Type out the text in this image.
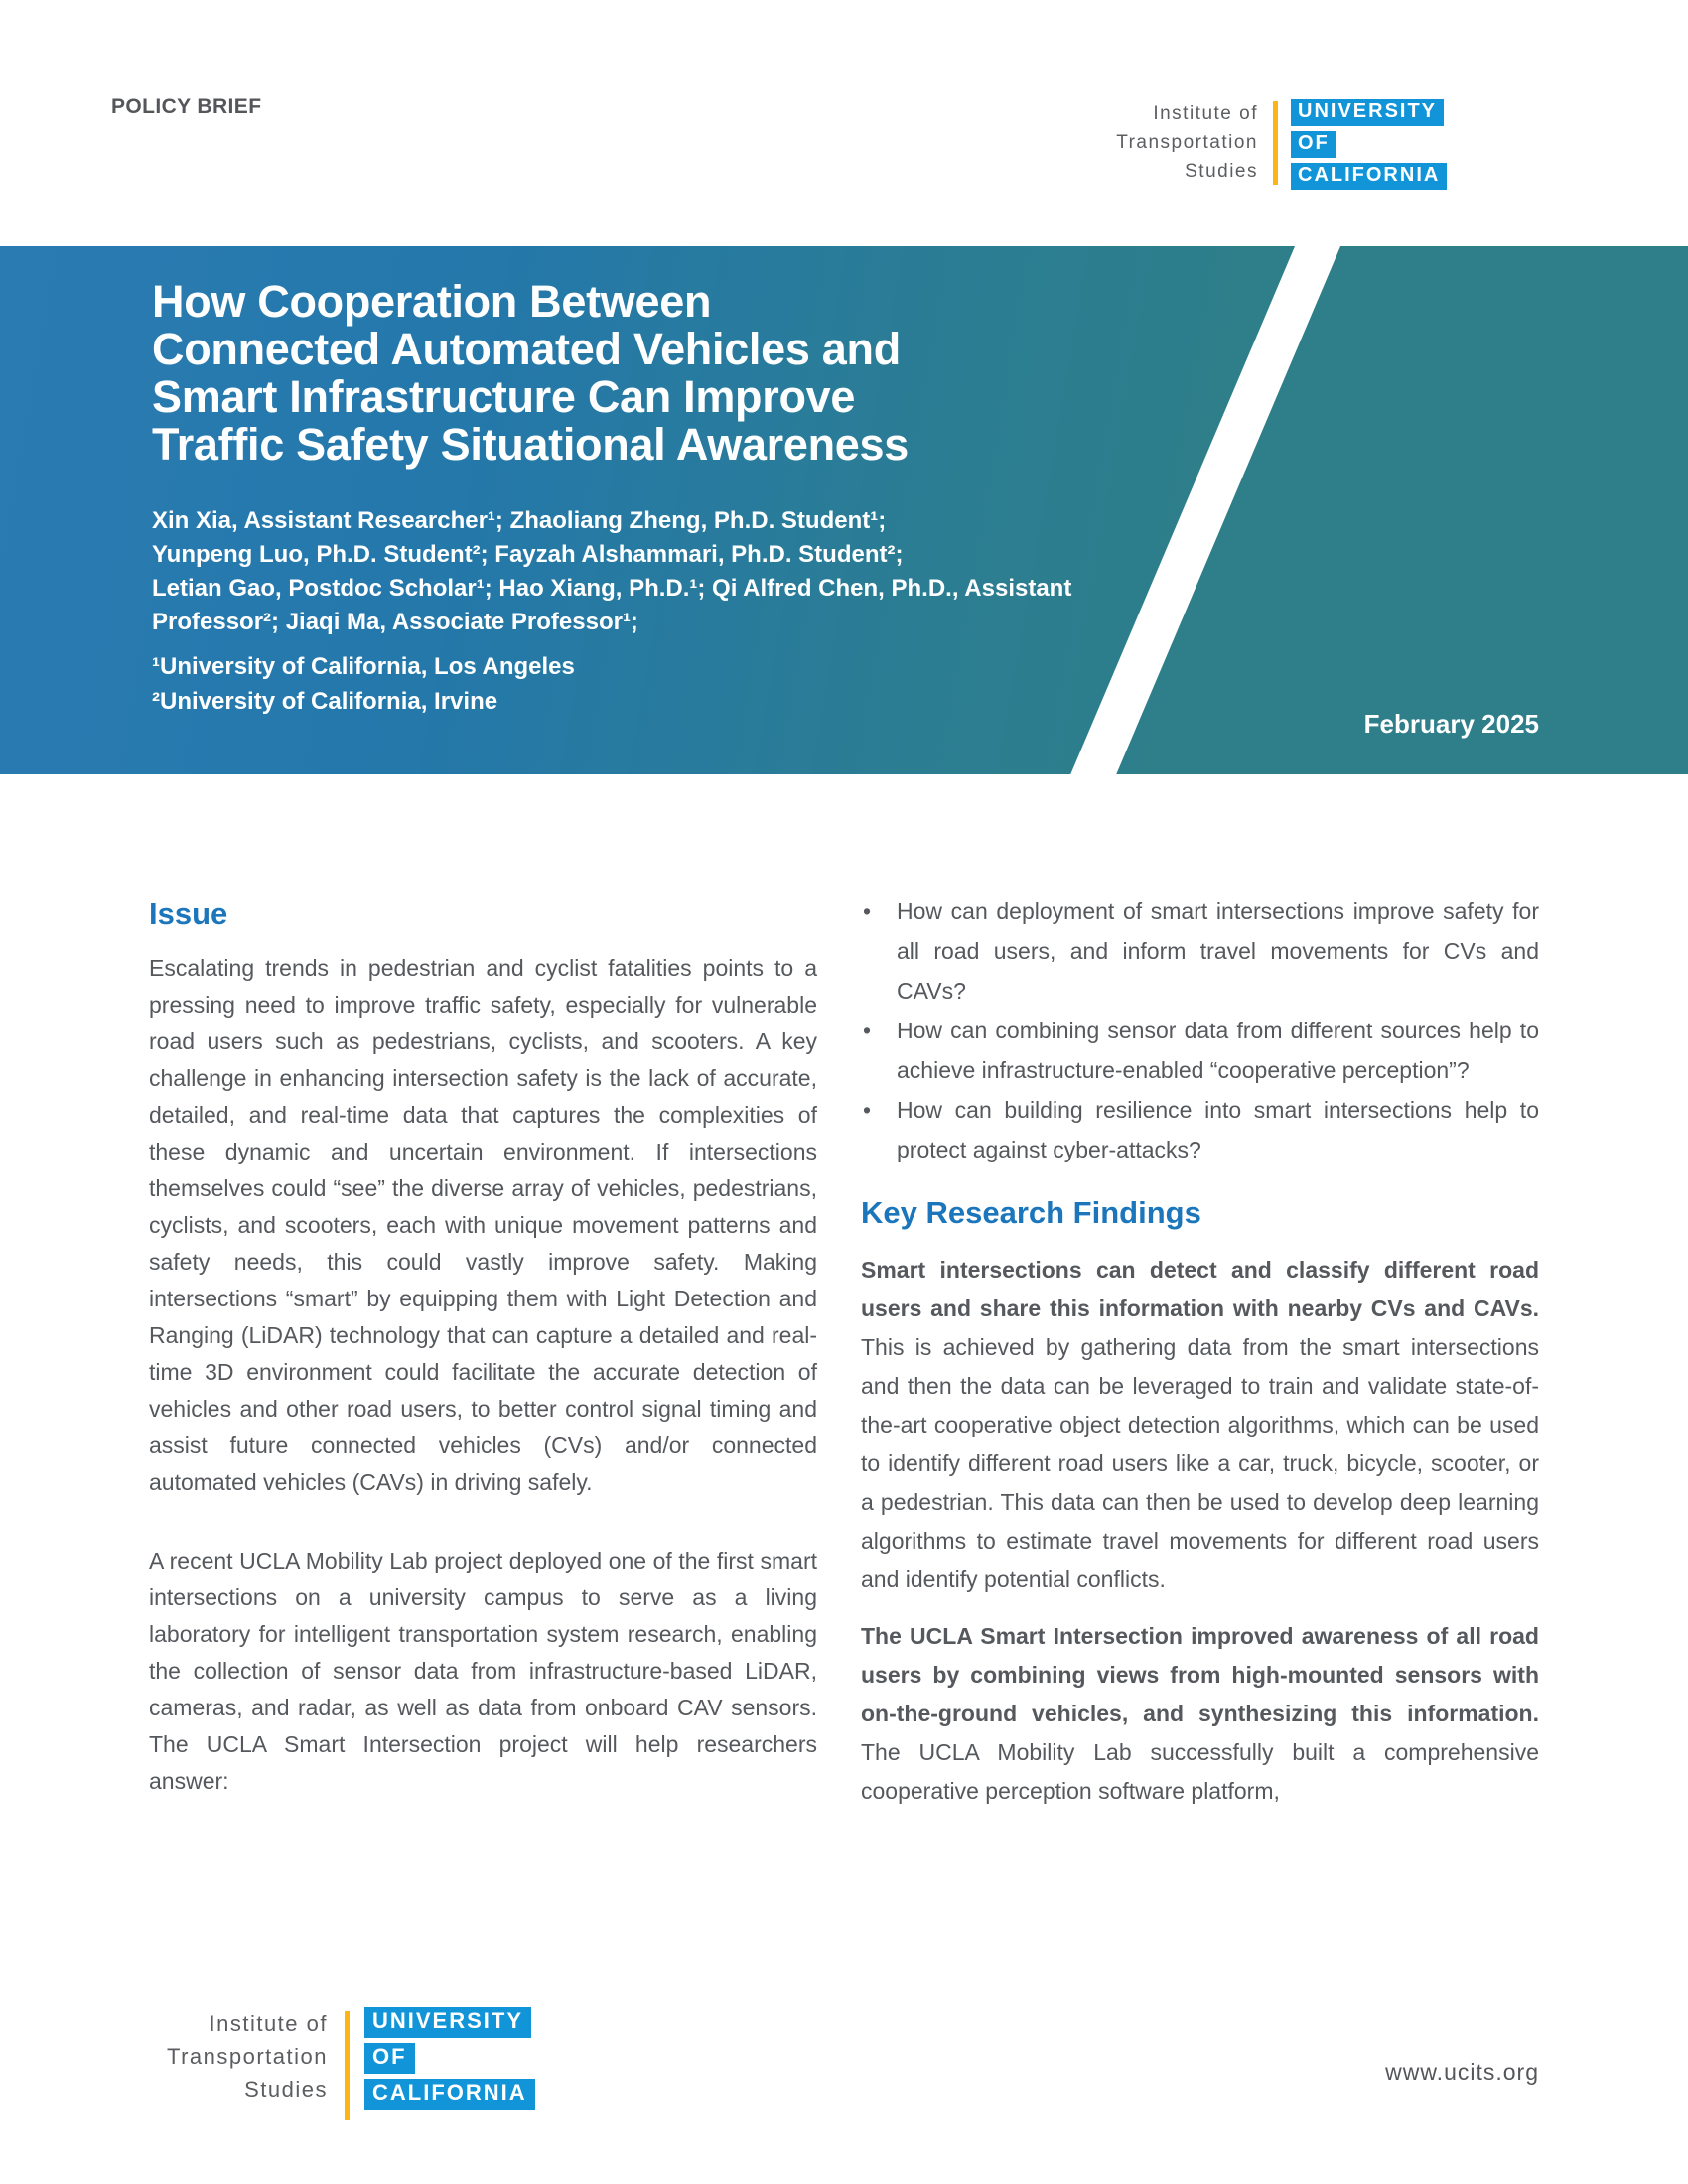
POLICY BRIEF	Institute of
Transportation
Studies
UNIVERSITY
OF
CALIFORNIA
How Cooperation Between
Connected Automated Vehicles and
Smart Infrastructure Can Improve
Traffic Safety Situational Awareness
Xin Xia, Assistant Researcher¹; Zhaoliang Zheng, Ph.D. Student¹;
Yunpeng Luo, Ph.D. Student²; Fayzah Alshammari, Ph.D. Student²;
Letian Gao, Postdoc Scholar¹; Hao Xiang, Ph.D.¹; Qi Alfred Chen, Ph.D., Assistant
Professor²; Jiaqi Ma, Associate Professor¹;
¹University of California, Los Angeles
²University of California, Irvine
February 2025
Issue

Escalating trends in pedestrian and cyclist fatalities points to a pressing need to improve traffic safety, especially for vulnerable road users such as pedestrians, cyclists, and scooters. A key challenge in enhancing intersection safety is the lack of accurate, detailed, and real-time data that captures the complexities of these dynamic and uncertain environment. If intersections themselves could “see” the diverse array of vehicles, pedestrians, cyclists, and scooters, each with unique movement patterns and safety needs, this could vastly improve safety. Making intersections “smart” by equipping them with Light Detection and Ranging (LiDAR) technology that can capture a detailed and real-time 3D environment could facilitate the accurate detection of vehicles and other road users, to better control signal timing and assist future connected vehicles (CVs) and/or connected automated vehicles (CAVs) in driving safely.

A recent UCLA Mobility Lab project deployed one of the first smart intersections on a university campus to serve as a living laboratory for intelligent transportation system research, enabling the collection of sensor data from infrastructure-based LiDAR, cameras, and radar, as well as data from onboard CAV sensors. The UCLA Smart Intersection project will help researchers answer:

• How can deployment of smart intersections improve safety for all road users, and inform travel movements for CVs and CAVs?
• How can combining sensor data from different sources help to achieve infrastructure-enabled “cooperative perception”?
• How can building resilience into smart intersections help to protect against cyber-attacks?
Key Research Findings

Smart intersections can detect and classify different road users and share this information with nearby CVs and CAVs. This is achieved by gathering data from the smart intersections and then the data can be leveraged to train and validate state-of-the-art cooperative object detection algorithms, which can be used to identify different road users like a car, truck, bicycle, scooter, or a pedestrian. This data can then be used to develop deep learning algorithms to estimate travel movements for different road users and identify potential conflicts.

The UCLA Smart Intersection improved awareness of all road users by combining views from high-mounted sensors with on-the-ground vehicles, and synthesizing this information. The UCLA Mobility Lab successfully built a comprehensive cooperative perception software platform,

Institute of
Transportation
Studies
UNIVERSITY
OF
CALIFORNIA
www.ucits.org
